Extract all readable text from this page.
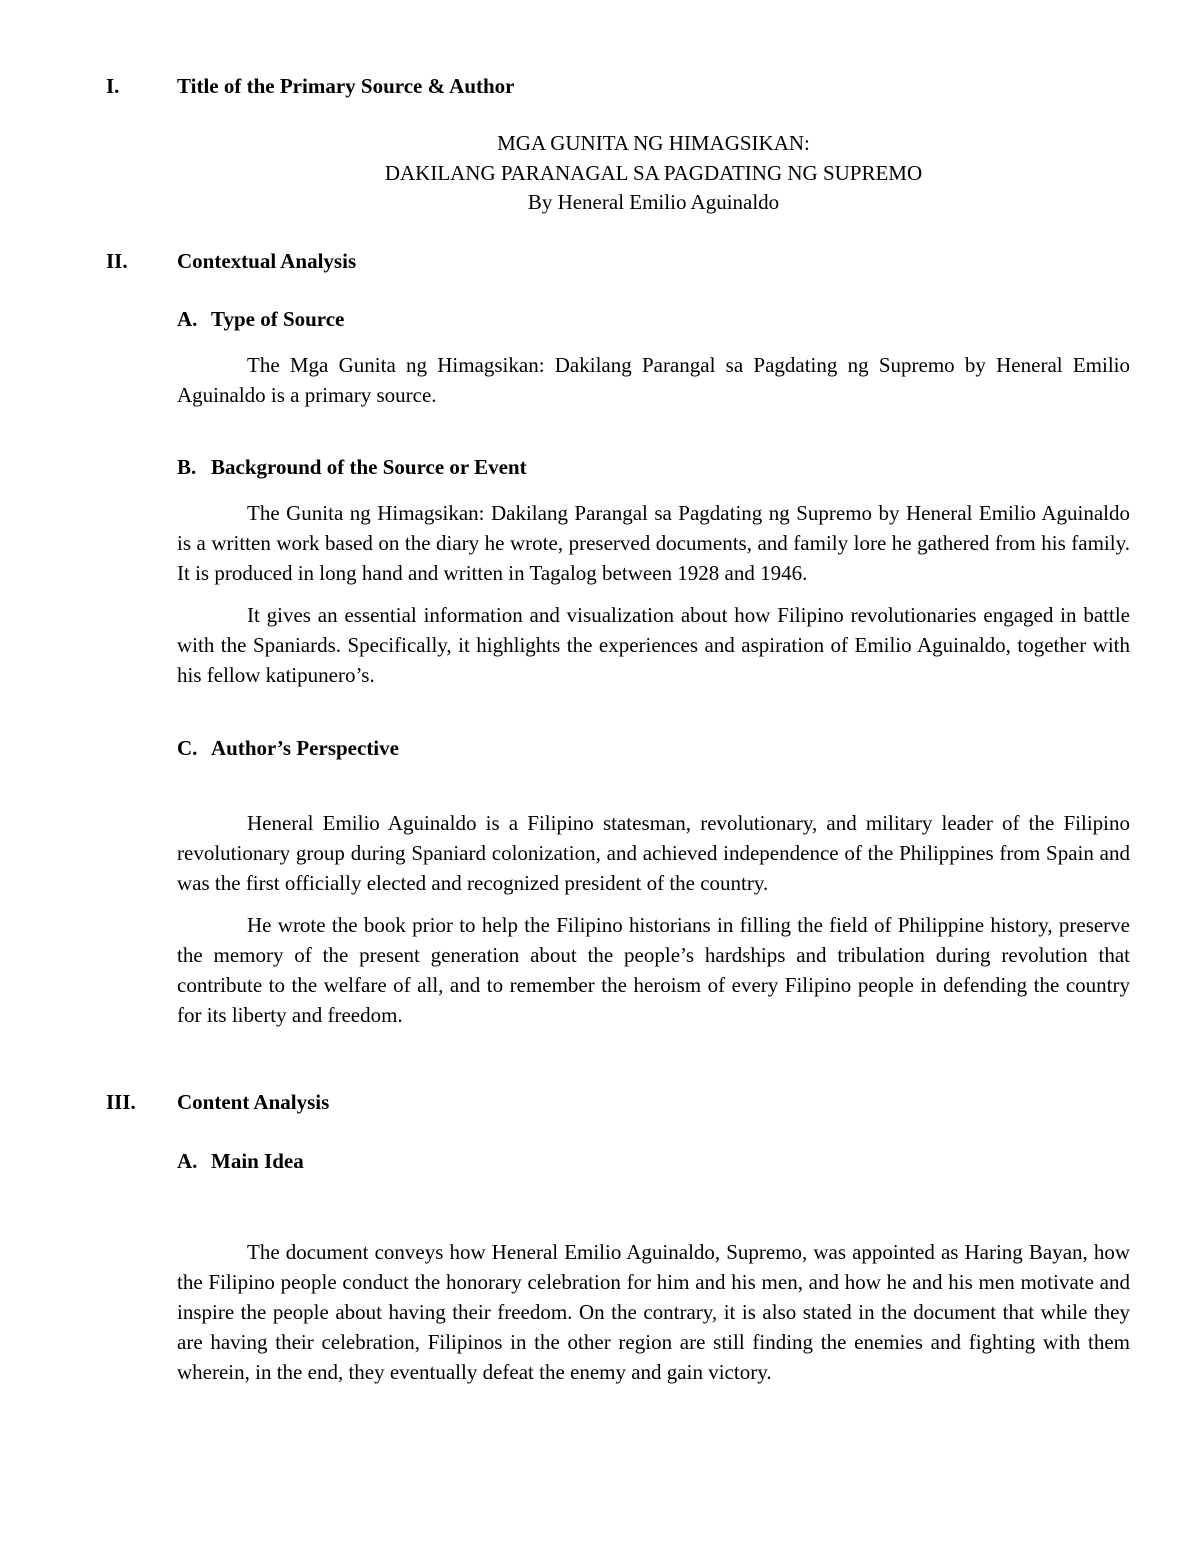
I.	Title of the Primary Source & Author
MGA GUNITA NG HIMAGSIKAN:
DAKILANG PARANAGAL SA PAGDATING NG SUPREMO
By Heneral Emilio Aguinaldo
II. Contextual Analysis
A. Type of Source

The Mga Gunita ng Himagsikan: Dakilang Parangal sa Pagdating ng Supremo by Heneral Emilio Aguinaldo is a primary source.

B. Background of the Source or Event

The Gunita ng Himagsikan: Dakilang Parangal sa Pagdating ng Supremo by Heneral Emilio Aguinaldo is a written work based on the diary he wrote, preserved documents, and family lore he gathered from his family. It is produced in long hand and written in Tagalog between 1928 and 1946.

It gives an essential information and visualization about how Filipino revolutionaries engaged in battle with the Spaniards. Specifically, it highlights the experiences and aspiration of Emilio Aguinaldo, together with his fellow katipunero’s.

C. Author’s Perspective

Heneral Emilio Aguinaldo is a Filipino statesman, revolutionary, and military leader of the Filipino revolutionary group during Spaniard colonization, and achieved independence of the Philippines from Spain and was the first officially elected and recognized president of the country.

He wrote the book prior to help the Filipino historians in filling the field of Philippine history, preserve the memory of the present generation about the people’s hardships and tribulation during revolution that contribute to the welfare of all, and to remember the heroism of every Filipino people in defending the country for its liberty and freedom.

III. Content Analysis
A. Main Idea

The document conveys how Heneral Emilio Aguinaldo, Supremo, was appointed as Haring Bayan, how the Filipino people conduct the honorary celebration for him and his men, and how he and his men motivate and inspire the people about having their freedom. On the contrary, it is also stated in the document that while they are having their celebration, Filipinos in the other region are still finding the enemies and fighting with them wherein, in the end, they eventually defeat the enemy and gain victory.
